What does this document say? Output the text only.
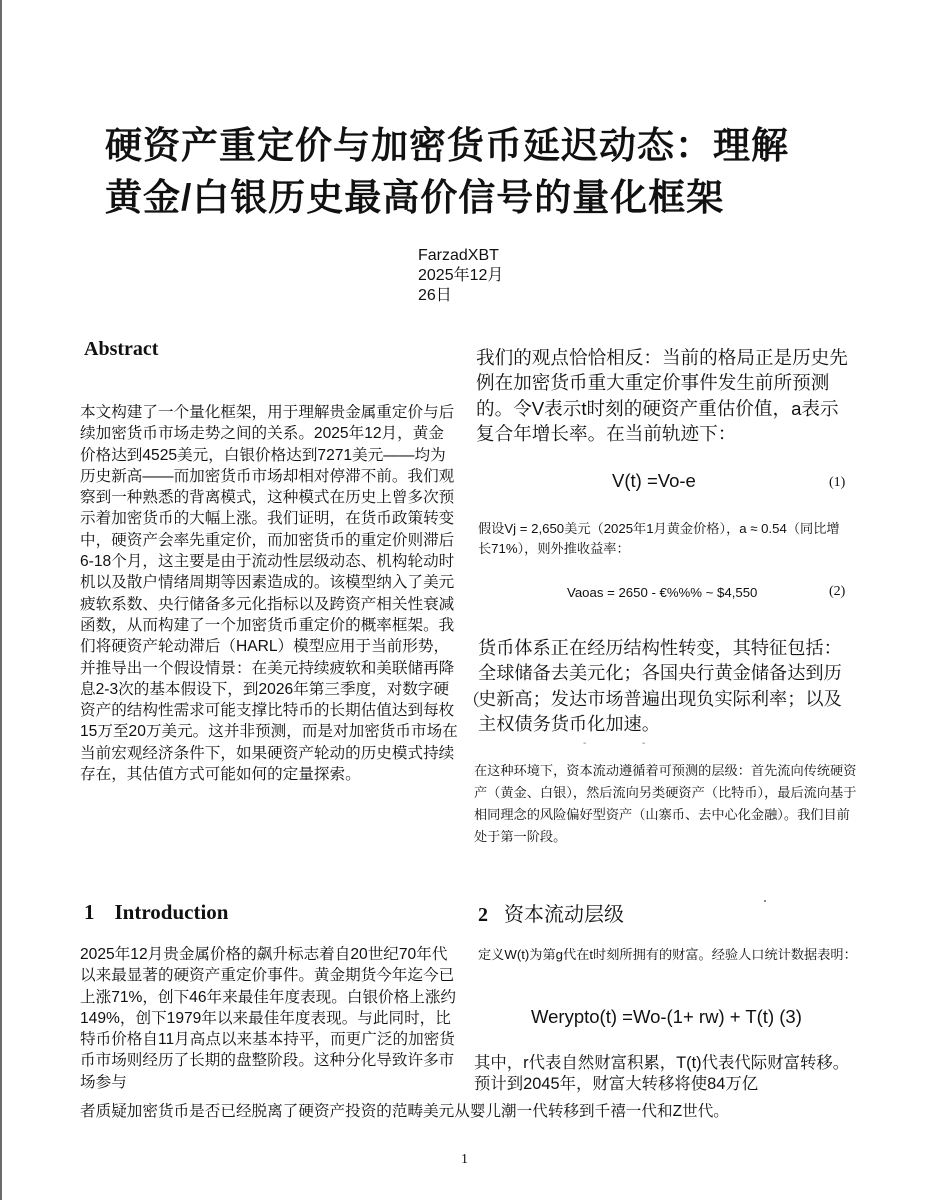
硬资产重定价与加密货币延迟动态：理解黄金/白银历史最高价信号的量化框架
FarzadXBT
2025年12月
26日
Abstract
本文构建了一个量化框架，用于理解贵金属重定价与后续加密货币市场走势之间的关系。2025年12月，黄金价格达到4525美元，白银价格达到7271美元——均为历史新高——而加密货币市场却相对停滞不前。我们观察到一种熟悉的背离模式，这种模式在历史上曾多次预示着加密货币的大幅上涨。我们证明，在货币政策转变中，硬资产会率先重定价，而加密货币的重定价则滞后6-18个月，这主要是由于流动性层级动态、机构轮动时机以及散户情绪周期等因素造成的。该模型纳入了美元疲软系数、央行储备多元化指标以及跨资产相关性衰减函数，从而构建了一个加密货币重定价的概率框架。我们将硬资产轮动滞后（HARL）模型应用于当前形势，并推导出一个假设情景：在美元持续疲软和美联储再降息2-3次的基本假设下，到2026年第三季度，对数字硬资产的结构性需求可能支撑比特币的长期估值达到每枚15万至20万美元。这并非预测，而是对加密货币市场在当前宏观经济条件下，如果硬资产轮动的历史模式持续存在，其估值方式可能如何的定量探索。
1 Introduction
2025年12月贵金属价格的飙升标志着自20世纪70年代以来最显著的硬资产重定价事件。黄金期货今年迄今已上涨71%，创下46年来最佳年度表现。白银价格上涨约149%，创下1979年以来最佳年度表现。与此同时，比特币价格自11月高点以来基本持平，而更广泛的加密货币市场则经历了长期的盘整阶段。这种分化导致许多市场参与
者质疑加密货币是否已经脱离了硬资产投资的范畴美元从婴儿潮一代转移到千禧一代和Z世代。
我们的观点恰恰相反：当前的格局正是历史先例在加密货币重大重定价事件发生前所预测的。令V表示t时刻的硬资产重估价值，a表示复合年增长率。在当前轨迹下：
V(t) =Vo-e	(1)
假设Vj = 2,650美元（2025年1月黄金价格），a ≈ 0.54（同比增长71%），则外推收益率：
Vaoas = 2650 - €%%% ~ $4,550	(2)
（
货币体系正在经历结构性转变，其特征包括：全球储备去美元化；各国央行黄金储备达到历史新高；发达市场普遍出现负实际利率；以及主权债务货币化加速。
-	-
在这种环境下，资本流动遵循着可预测的层级：首先流向传统硬资产（黄金、白银），然后流向另类硬资产（比特币），最后流向基于相同理念的风险偏好型资产（山寨币、去中心化金融）。我们目前处于第一阶段。
2 资本流动层级
定义W(t)为第g代在t时刻所拥有的财富。经验人口统计数据表明：
Werypto(t) =Wo-(1+ rw) + T(t) (3)
其中，r代表自然财富积累，T(t)代表代际财富转移。预计到2045年，财富大转移将使84万亿
1
